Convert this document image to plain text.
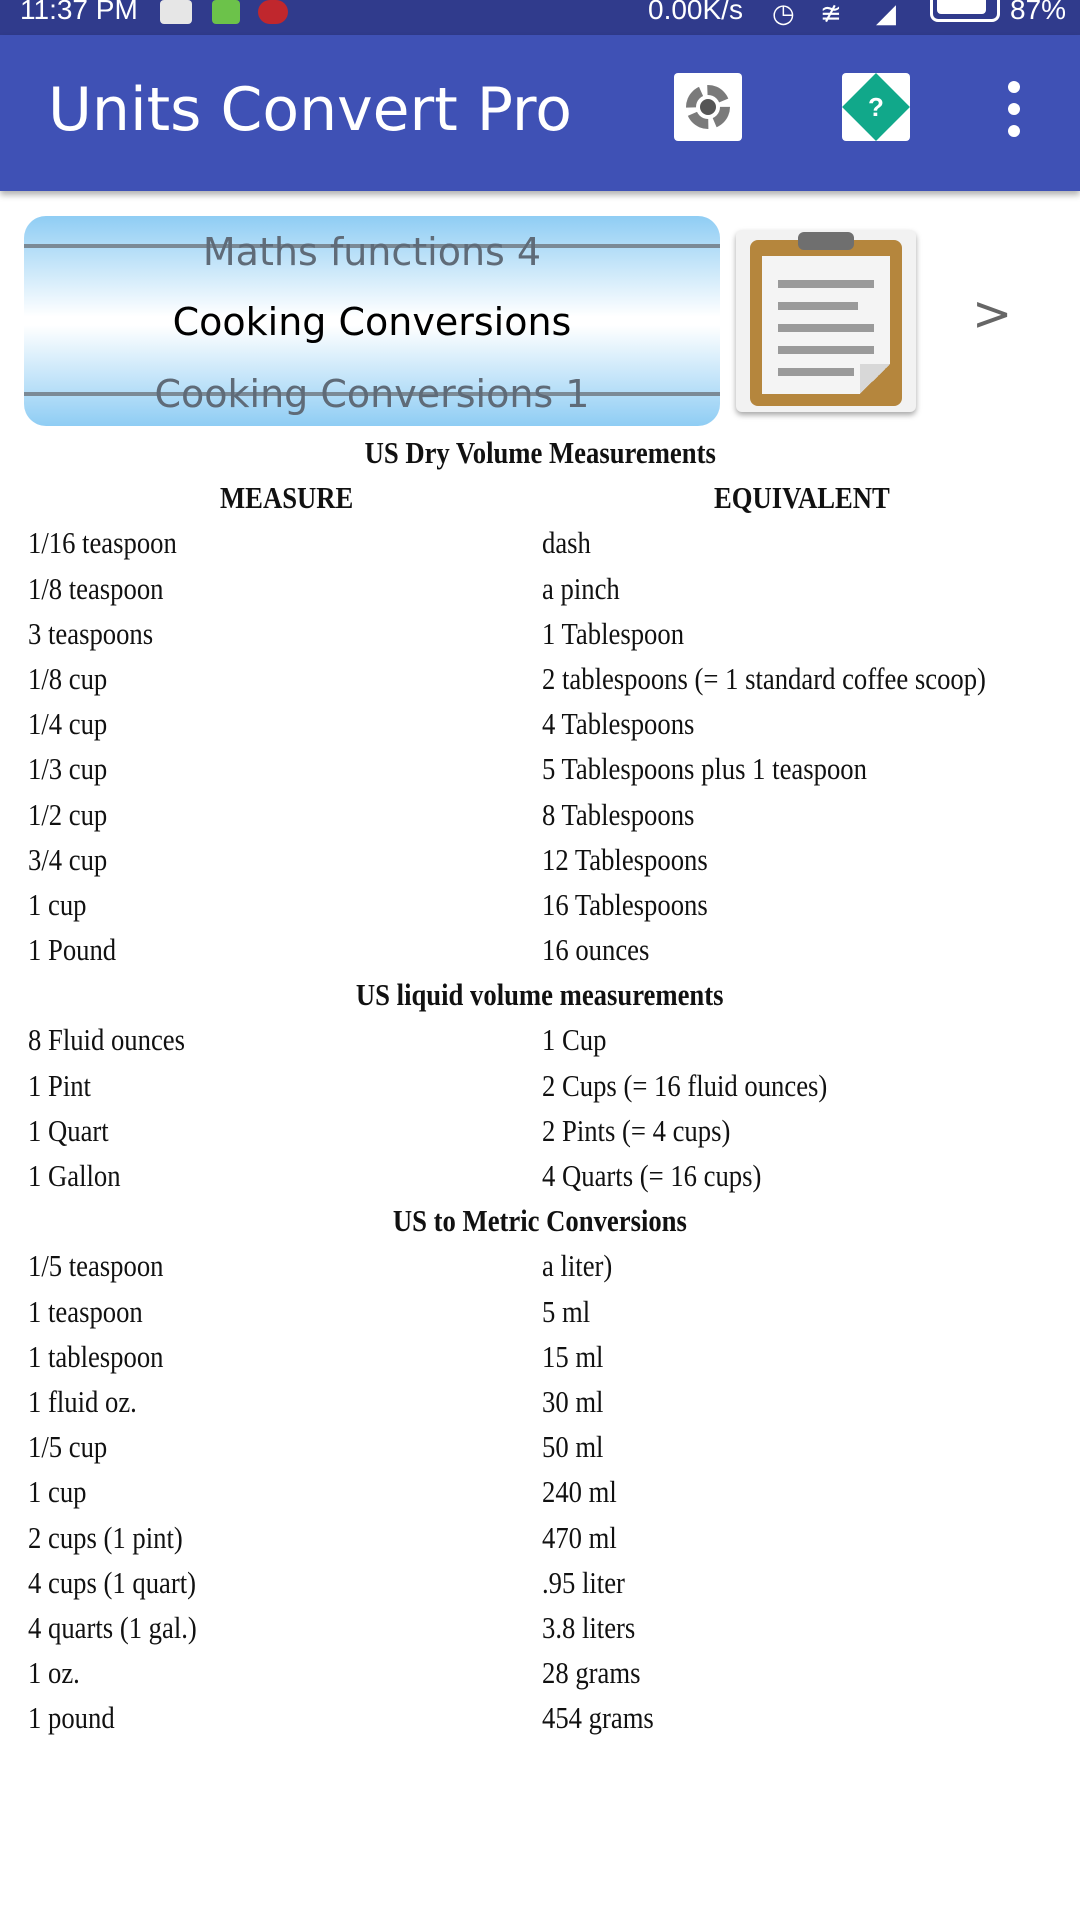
11:37 PM	0.00K/s ◷ ≇ ◢	87%
Units Convert Pro	?
Maths functions 4
Cooking Conversions
Cooking Conversions 1
>
US Dry Volume Measurements
MEASURE	EQUIVALENT
1/16 teaspoon	dash
1/8 teaspoon	a pinch
3 teaspoons	1 Tablespoon
1/8 cup	2 tablespoons (= 1 standard coffee scoop)
1/4 cup	4 Tablespoons
1/3 cup	5 Tablespoons plus 1 teaspoon
1/2 cup	8 Tablespoons
3/4 cup	12 Tablespoons
1 cup	16 Tablespoons
1 Pound	16 ounces
US liquid volume measurements
8 Fluid ounces	1 Cup
1 Pint	2 Cups (= 16 fluid ounces)
1 Quart	2 Pints (= 4 cups)
1 Gallon	4 Quarts (= 16 cups)
US to Metric Conversions
1/5 teaspoon	a liter)
1 teaspoon	5 ml
1 tablespoon	15 ml
1 fluid oz.	30 ml
1/5 cup	50 ml
1 cup	240 ml
2 cups (1 pint)	470 ml
4 cups (1 quart)	.95 liter
4 quarts (1 gal.)	3.8 liters
1 oz.	28 grams
1 pound	454 grams
